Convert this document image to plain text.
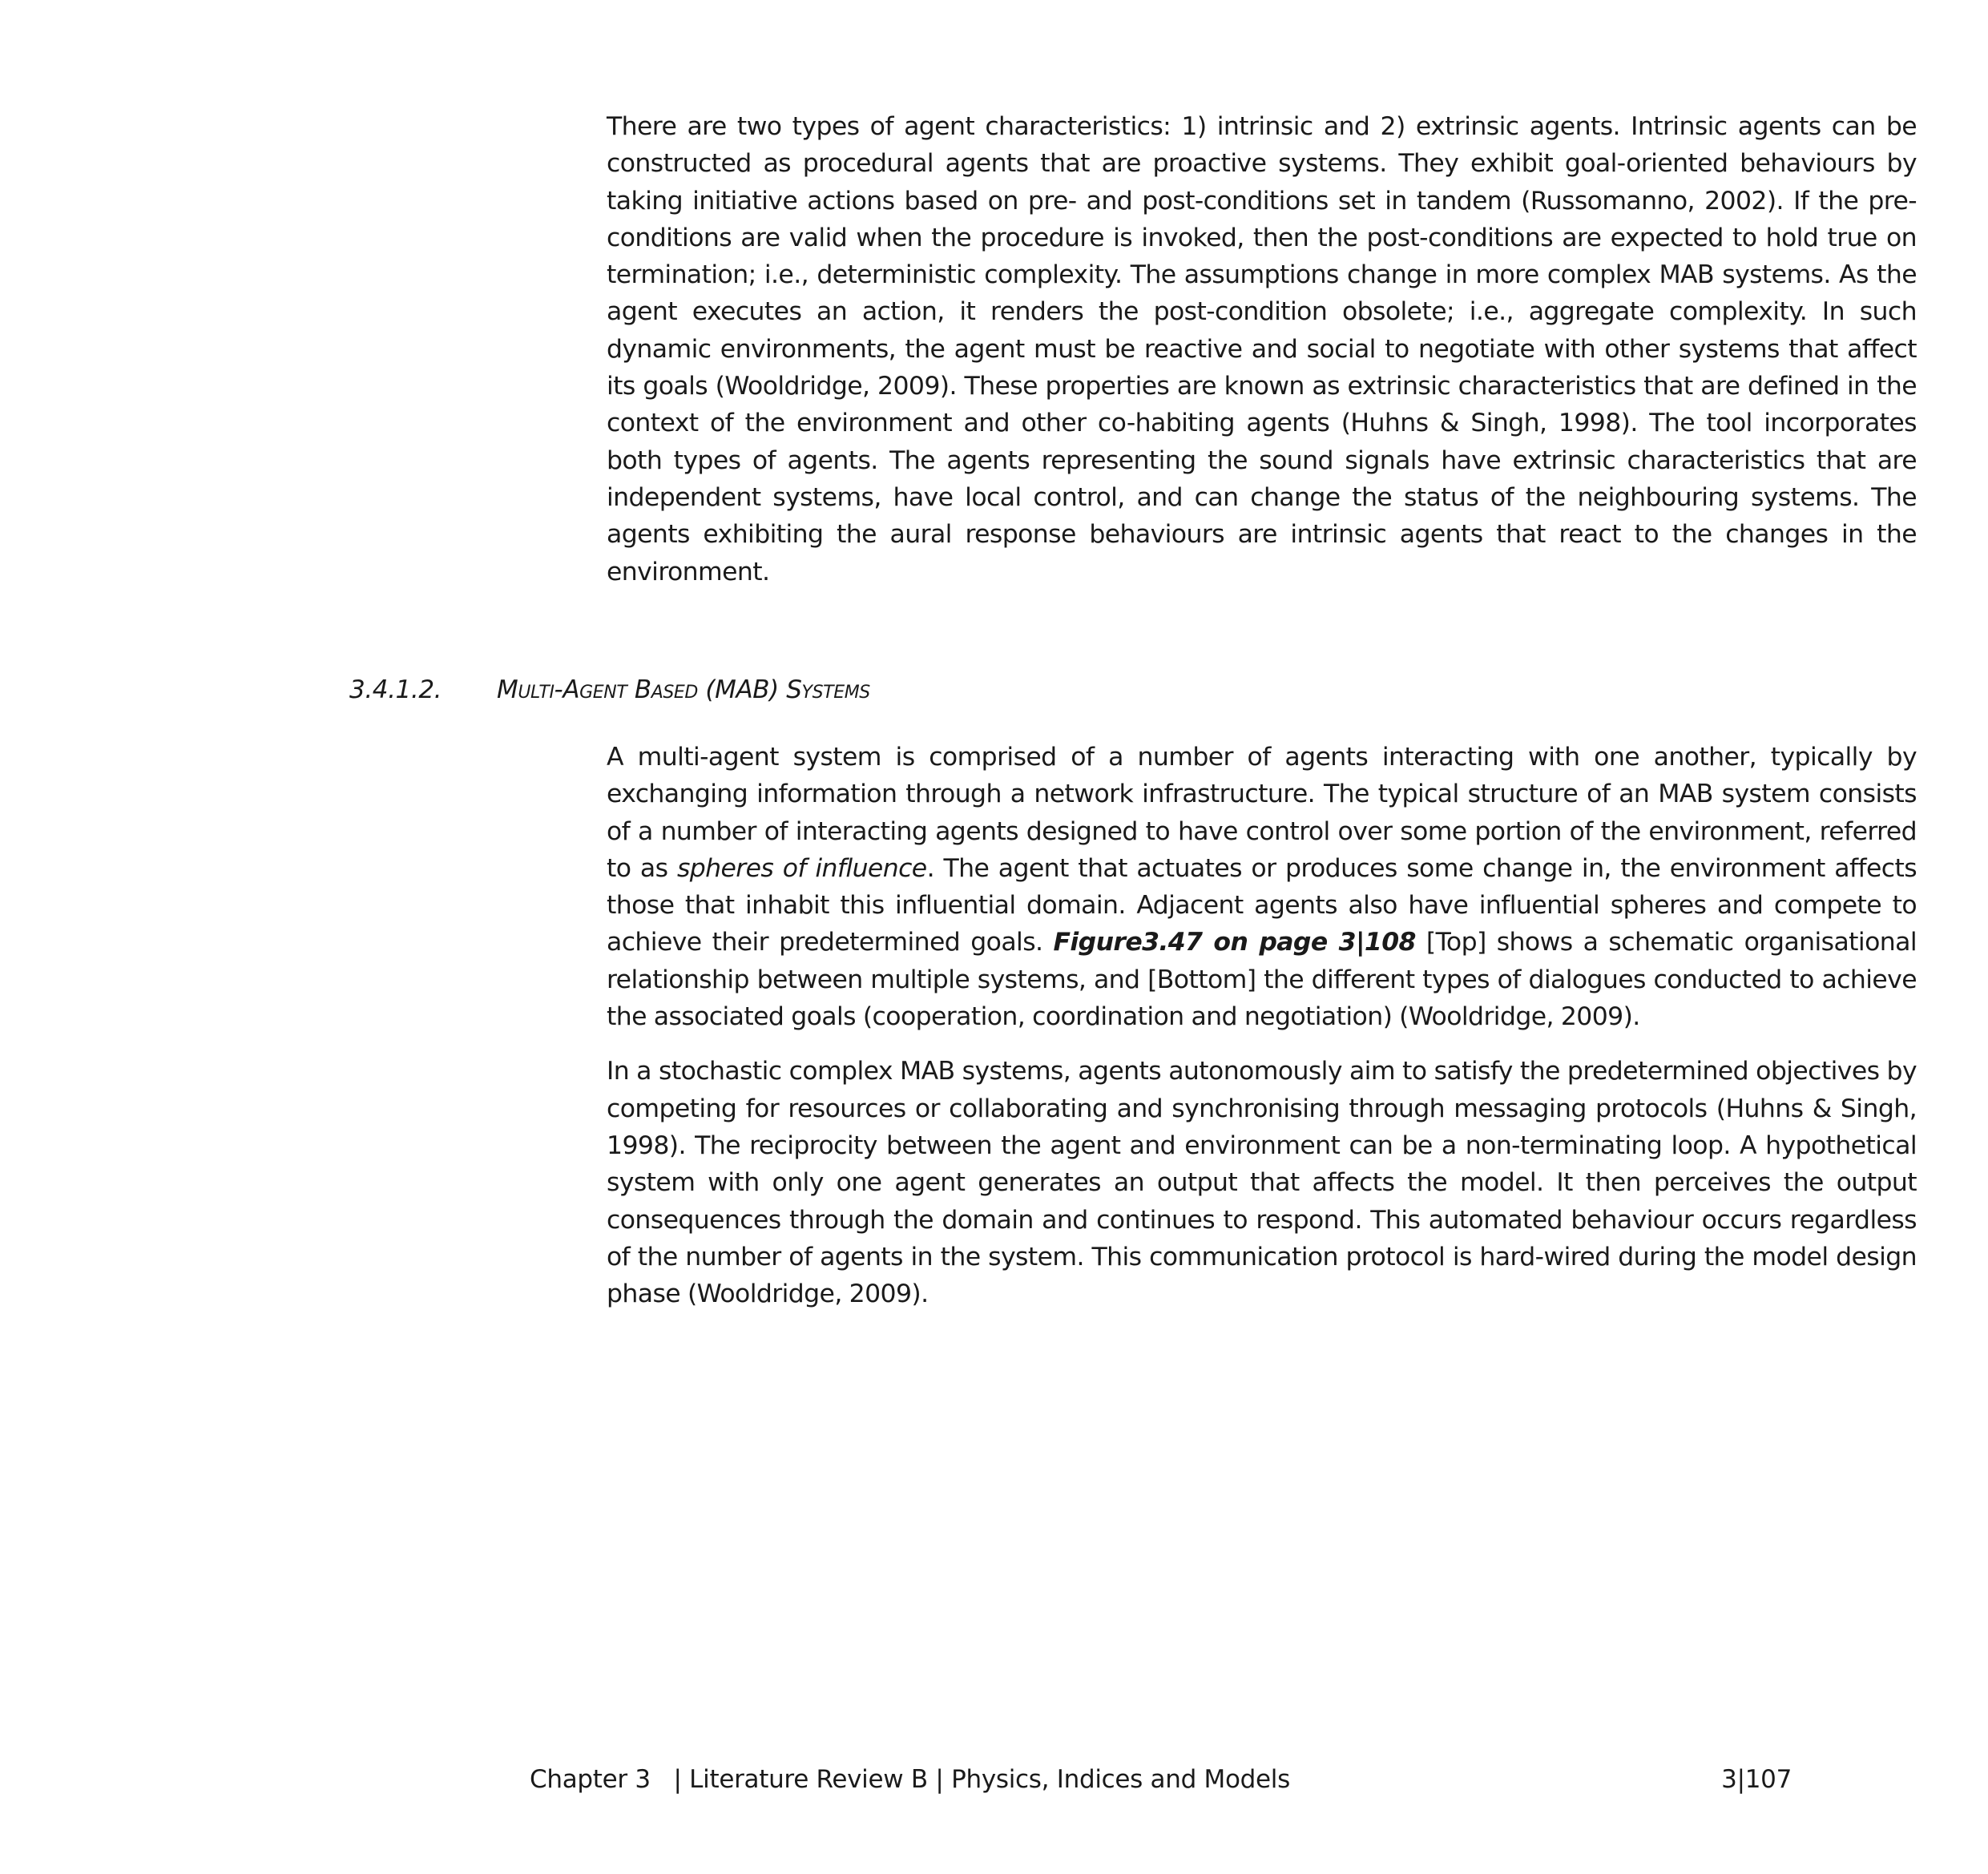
There are two types of agent characteristics: 1) intrinsic and 2) extrinsic agents. Intrinsic agents can be constructed as procedural agents that are proactive systems. They exhibit goal-oriented behaviours by taking initiative actions based on pre- and post-conditions set in tandem (Russomanno, 2002). If the pre-conditions are valid when the procedure is invoked, then the post-conditions are expected to hold true on termination; i.e., deterministic complexity. The assumptions change in more complex MAB systems. As the agent executes an action, it renders the post-condition obsolete; i.e., aggregate complexity. In such dynamic environments, the agent must be reactive and social to negotiate with other systems that affect its goals (Wooldridge, 2009). These properties are known as extrinsic characteristics that are defined in the context of the environment and other co-habiting agents (Huhns & Singh, 1998). The tool incorporates both types of agents. The agents representing the sound signals have extrinsic characteristics that are independent systems, have local control, and can change the status of the neighbouring systems. The agents exhibiting the aural response behaviours are intrinsic agents that react to the changes in the environment.

3.4.1.2. Multi-Agent Based (MAB) Systems

A multi-agent system is comprised of a number of agents interacting with one another, typically by exchanging information through a network infrastructure. The typical structure of an MAB system consists of a number of interacting agents designed to have control over some portion of the environment, referred to as spheres of influence. The agent that actuates or produces some change in, the environment affects those that inhabit this influential domain. Adjacent agents also have influential spheres and compete to achieve their predetermined goals. Figure3.47 on page 3|108 [Top] shows a schematic organisational relationship between multiple systems, and [Bottom] the different types of dialogues conducted to achieve the associated goals (cooperation, coordination and negotiation) (Wooldridge, 2009).

In a stochastic complex MAB systems, agents autonomously aim to satisfy the predetermined objectives by competing for resources or collaborating and synchronising through messaging protocols (Huhns & Singh, 1998). The reciprocity between the agent and environment can be a non-terminating loop. A hypothetical system with only one agent generates an output that affects the model. It then perceives the output consequences through the domain and continues to respond. This automated behaviour occurs regardless of the number of agents in the system. This communication protocol is hard-wired during the model design phase (Wooldridge, 2009).

Chapter 3   | Literature Review B | Physics, Indices and Models	3|107
